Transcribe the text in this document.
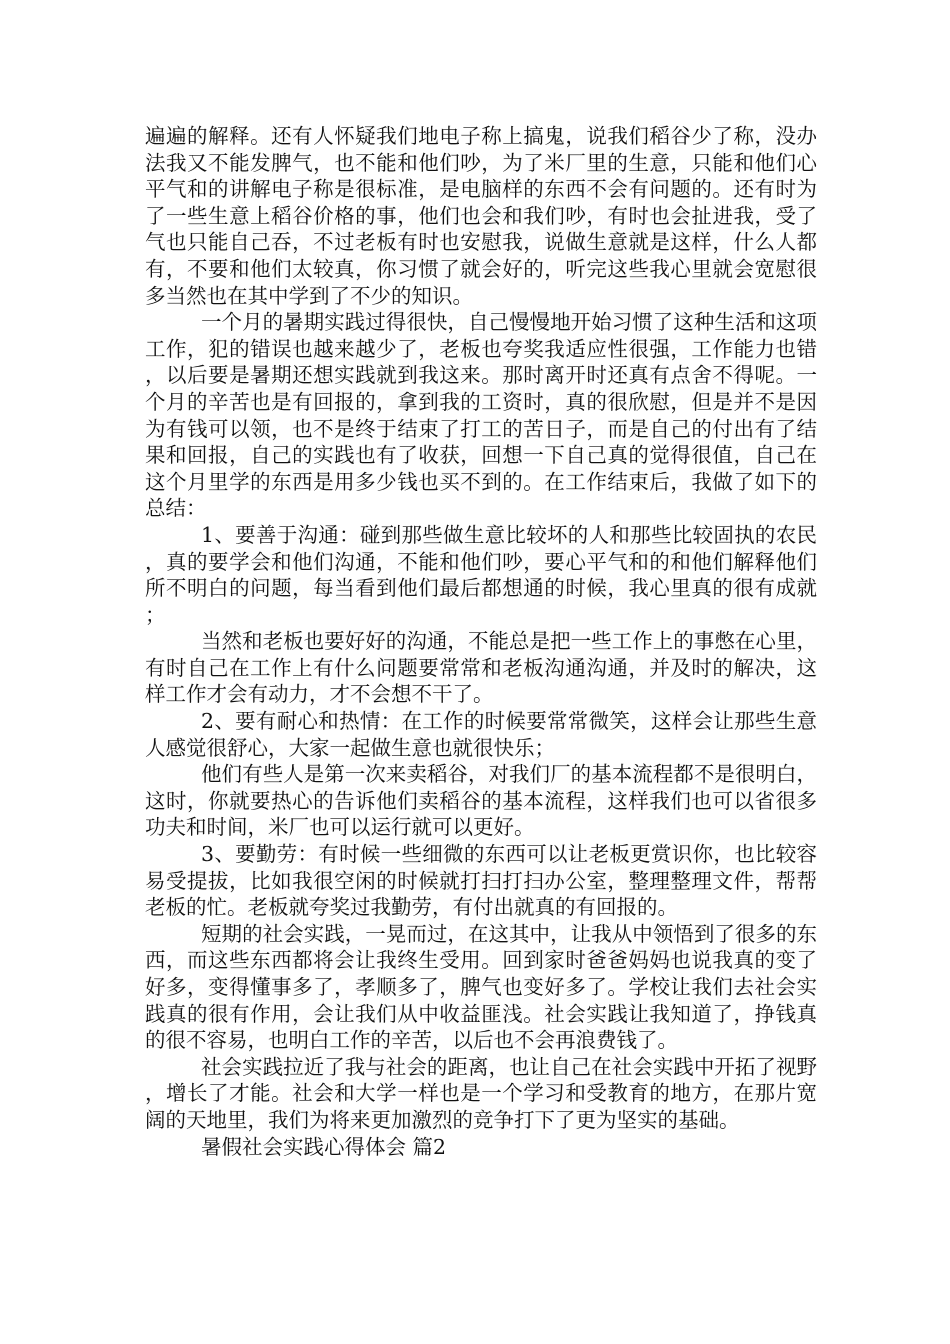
遍遍的解释。还有人怀疑我们地电子称上搞鬼，说我们稻谷少了称，没办法我又不能发脾气，也不能和他们吵，为了米厂里的生意，只能和他们心平气和的讲解电子称是很标准，是电脑样的东西不会有问题的。还有时为了一些生意上稻谷价格的事，他们也会和我们吵，有时也会扯进我，受了气也只能自己吞，不过老板有时也安慰我，说做生意就是这样，什么人都有，不要和他们太较真，你习惯了就会好的，听完这些我心里就会宽慰很多当然也在其中学到了不少的知识。

一个月的暑期实践过得很快，自己慢慢地开始习惯了这种生活和这项工作，犯的错误也越来越少了，老板也夸奖我适应性很强，工作能力也错，以后要是暑期还想实践就到我这来。那时离开时还真有点舍不得呢。一个月的辛苦也是有回报的，拿到我的工资时，真的很欣慰，但是并不是因为有钱可以领，也不是终于结束了打工的苦日子，而是自己的付出有了结果和回报，自己的实践也有了收获，回想一下自己真的觉得很值，自己在这个月里学的东西是用多少钱也买不到的。在工作结束后，我做了如下的总结：

1、要善于沟通：碰到那些做生意比较坏的人和那些比较固执的农民，真的要学会和他们沟通，不能和他们吵，要心平气和的和他们解释他们所不明白的问题，每当看到他们最后都想通的时候，我心里真的很有成就；

当然和老板也要好好的沟通，不能总是把一些工作上的事憋在心里，有时自己在工作上有什么问题要常常和老板沟通沟通，并及时的解决，这样工作才会有动力，才不会想不干了。

2、要有耐心和热情：在工作的时候要常常微笑，这样会让那些生意人感觉很舒心，大家一起做生意也就很快乐；

他们有些人是第一次来卖稻谷，对我们厂的基本流程都不是很明白，这时，你就要热心的告诉他们卖稻谷的基本流程，这样我们也可以省很多功夫和时间，米厂也可以运行就可以更好。

3、要勤劳：有时候一些细微的东西可以让老板更赏识你，也比较容易受提拔，比如我很空闲的时候就打扫打扫办公室，整理整理文件，帮帮老板的忙。老板就夸奖过我勤劳，有付出就真的有回报的。

短期的社会实践，一晃而过，在这其中，让我从中领悟到了很多的东西，而这些东西都将会让我终生受用。回到家时爸爸妈妈也说我真的变了好多，变得懂事多了，孝顺多了，脾气也变好多了。学校让我们去社会实践真的很有作用，会让我们从中收益匪浅。社会实践让我知道了，挣钱真的很不容易，也明白工作的辛苦，以后也不会再浪费钱了。

社会实践拉近了我与社会的距离，也让自己在社会实践中开拓了视野，增长了才能。社会和大学一样也是一个学习和受教育的地方，在那片宽阔的天地里，我们为将来更加激烈的竞争打下了更为坚实的基础。

暑假社会实践心得体会 篇2
